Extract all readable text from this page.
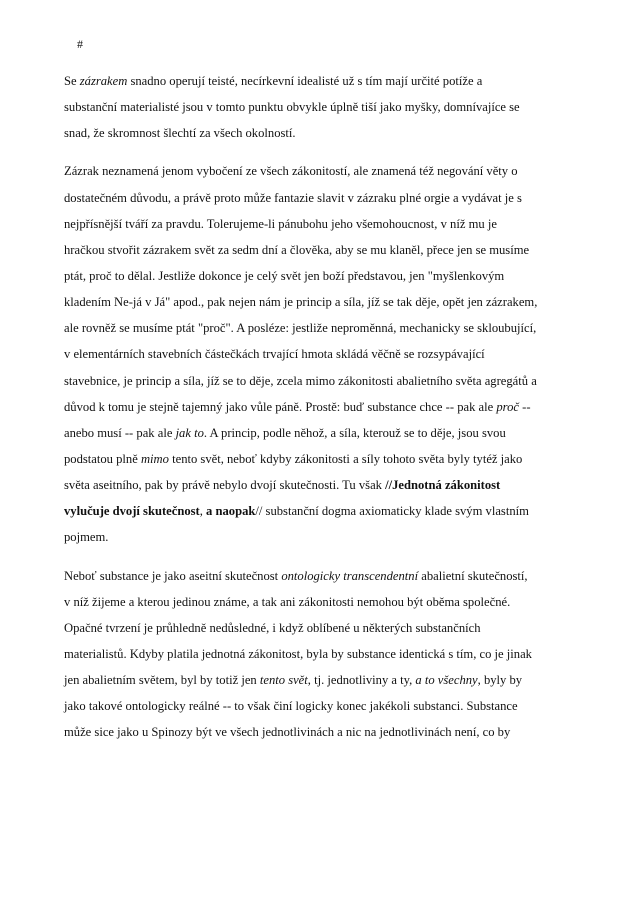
#
Se zázrakem snadno operují teisté, necírkevní idealisté už s tím mají určité potíže a
substanční materialisté jsou v tomto punktu obvykle úplně tiší jako myšky, domnívajíce se
snad, že skromnost šlechtí za všech okolností.
Zázrak neznamená jenom vybočení ze všech zákonitostí, ale znamená též negování věty o
dostatečném důvodu, a právě proto může fantazie slavit v zázraku plné orgie a vydávat je s
nejpřísnější tváří za pravdu. Tolerujeme-li pánubohu jeho všemohoucnost, v níž mu je
hračkou stvořit zázrakem svět za sedm dní a člověka, aby se mu klaněl, přece jen se musíme
ptát, proč to dělal. Jestliže dokonce je celý svět jen boží představou, jen "myšlenkovým
kladením Ne-já v Já" apod., pak nejen nám je princip a síla, jíž se tak děje, opět jen zázrakem,
ale rovněž se musíme ptát "proč". A posléze: jestliže neproměnná, mechanicky se skloubující,
v elementárních stavebních částečkách trvající hmota skládá věčně se rozsypávající
stavebnice, je princip a síla, jíž se to děje, zcela mimo zákonitosti abalietního světa agregátů a
důvod k tomu je stejně tajemný jako vůle páně. Prostě: buď substance chce -- pak ale proč --
anebo musí -- pak ale jak to. A princip, podle něhož, a síla, kterouž se to děje, jsou svou
podstatou plně mimo tento svět, neboť kdyby zákonitosti a síly tohoto světa byly tytéž jako
světa aseitního, pak by právě nebylo dvojí skutečnosti. Tu však //Jednotná zákonitost
vylučuje dvojí skutečnost, a naopak// substanční dogma axiomaticky klade svým vlastním
pojmem.
Neboť substance je jako aseitní skutečnost ontologicky transcendentní abalietní skutečností,
v níž žijeme a kterou jedinou známe, a tak ani zákonitosti nemohou být oběma společné.
Opačné tvrzení je průhledně nedůsledné, i když oblíbené u některých substančních
materialistů. Kdyby platila jednotná zákonitost, byla by substance identická s tím, co je jinak
jen abalietním světem, byl by totiž jen tento svět, tj. jednotliviny a ty, a to všechny, byly by
jako takové ontologicky reálné -- to však činí logicky konec jakékoli substanci. Substance
může sice jako u Spinozy být ve všech jednotlivinách a nic na jednotlivinách není, co by
